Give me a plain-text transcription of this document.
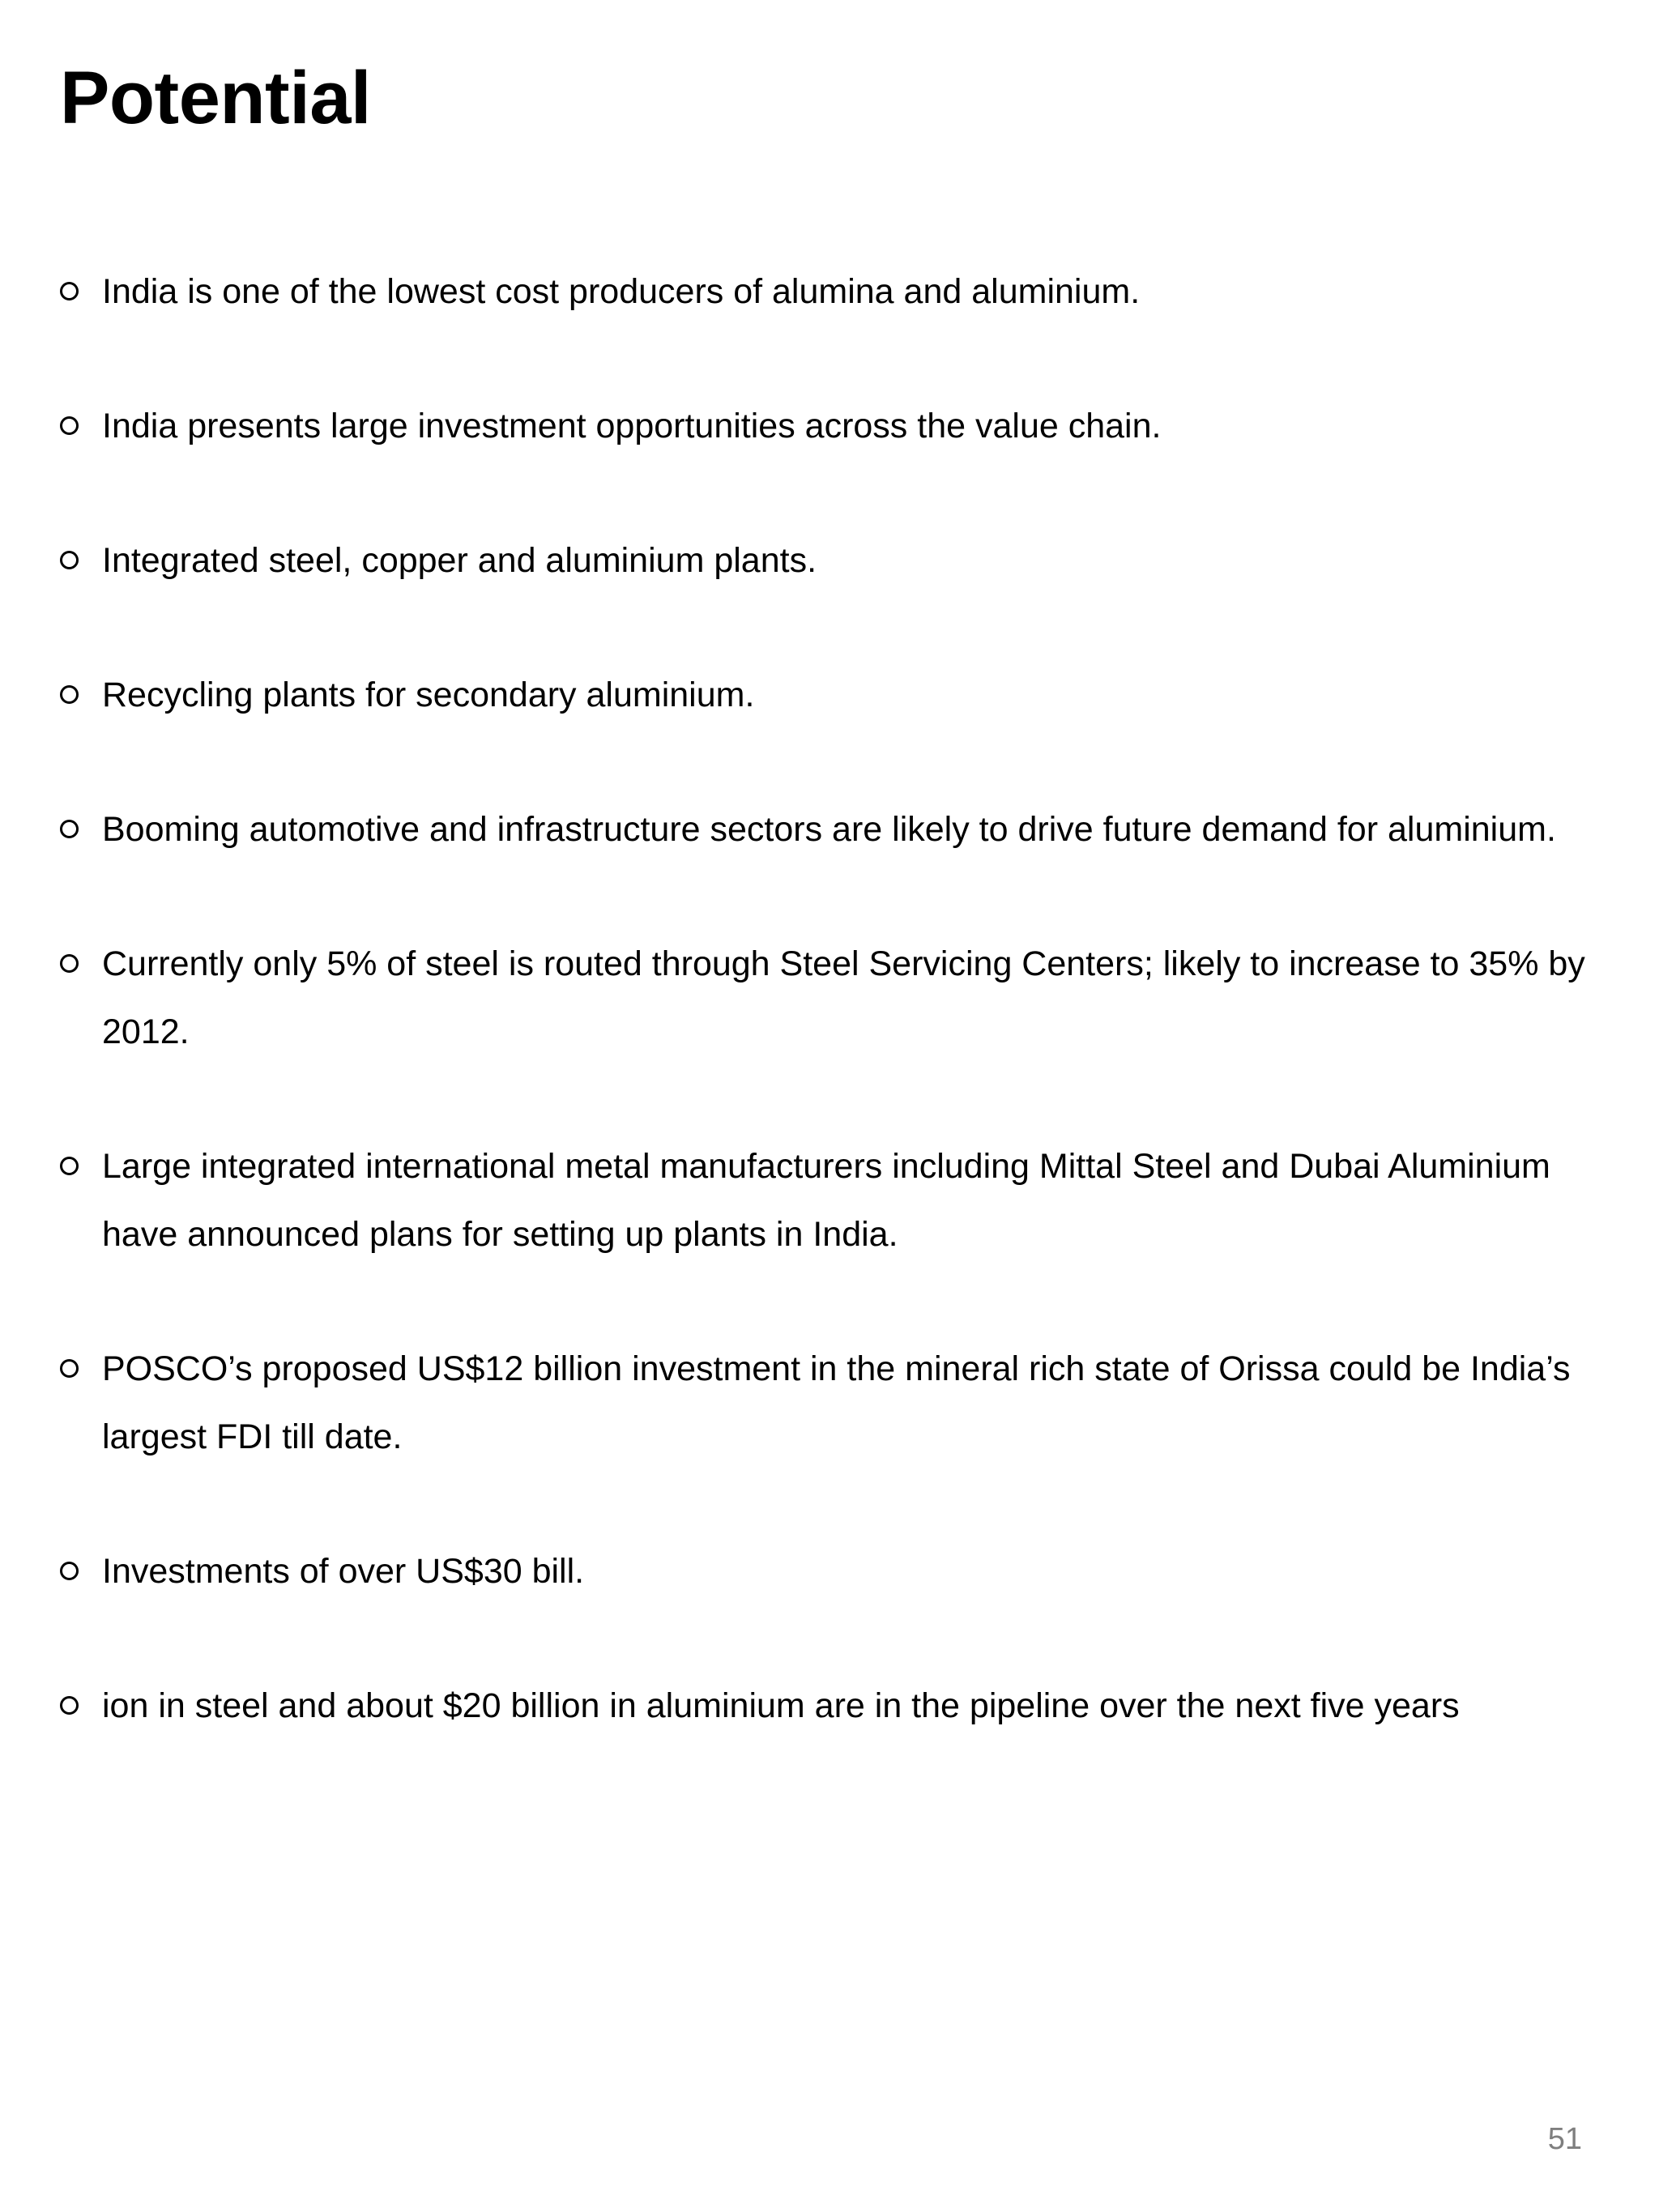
Potential
India is one of the lowest cost producers of alumina and aluminium.
India presents large investment opportunities across the value chain.
Integrated steel, copper and aluminium plants.
Recycling plants for secondary aluminium.
Booming automotive and infrastructure sectors are likely to drive future demand for aluminium.
Currently only 5% of steel is routed through Steel Servicing Centers; likely to increase to 35% by 2012.
Large integrated international metal manufacturers including Mittal Steel and Dubai Aluminium have announced plans for setting up plants in India.
POSCO’s proposed US$12 billion investment in the mineral rich state of Orissa could be India’s largest FDI till date.
Investments of over US$30 bill.
ion in steel and about $20 billion in aluminium are in the pipeline over the next five years
51
